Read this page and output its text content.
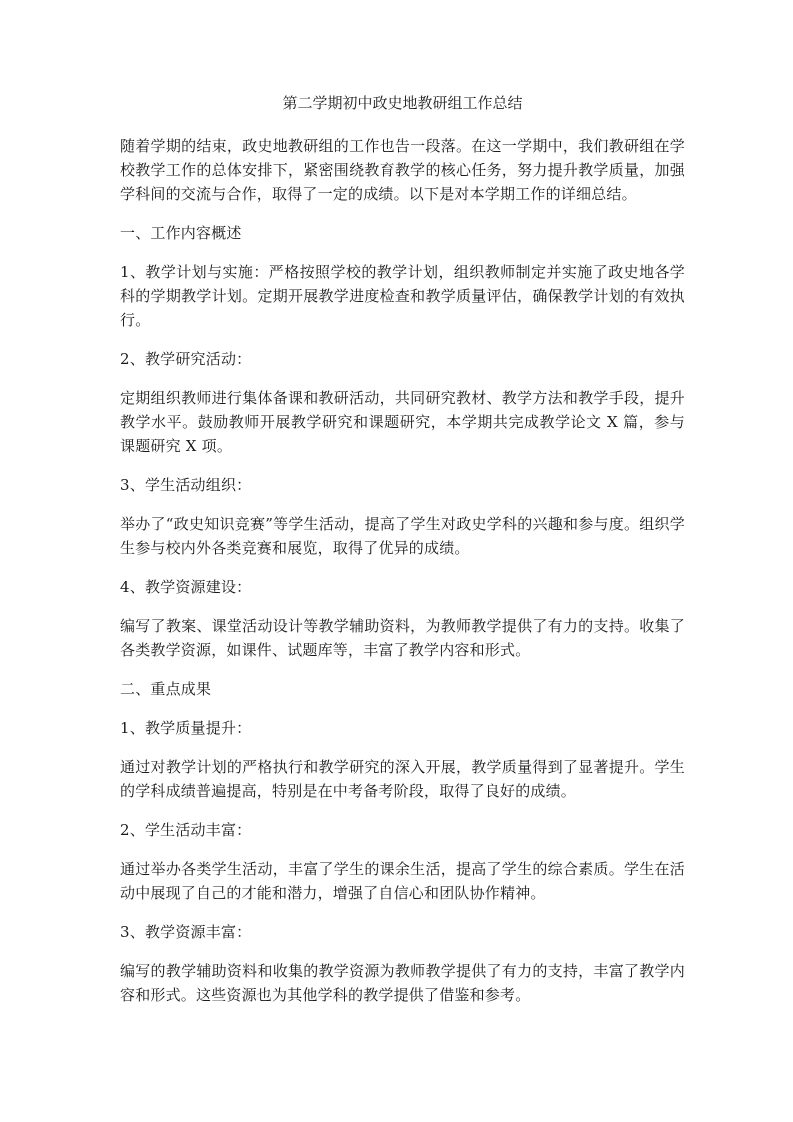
第二学期初中政史地教研组工作总结

随着学期的结束，政史地教研组的工作也告一段落。在这一学期中，我们教研组在学校教学工作的总体安排下，紧密围绕教育教学的核心任务，努力提升教学质量，加强学科间的交流与合作，取得了一定的成绩。以下是对本学期工作的详细总结。

一、工作内容概述

1、教学计划与实施：严格按照学校的教学计划，组织教师制定并实施了政史地各学科的学期教学计划。定期开展教学进度检查和教学质量评估，确保教学计划的有效执行。

2、教学研究活动：

定期组织教师进行集体备课和教研活动，共同研究教材、教学方法和教学手段，提升教学水平。鼓励教师开展教学研究和课题研究，本学期共完成教学论文 X 篇，参与课题研究 X 项。

3、学生活动组织：

举办了“政史知识竞赛”等学生活动，提高了学生对政史学科的兴趣和参与度。组织学生参与校内外各类竞赛和展览，取得了优异的成绩。

4、教学资源建设：

编写了教案、课堂活动设计等教学辅助资料，为教师教学提供了有力的支持。收集了各类教学资源，如课件、试题库等，丰富了教学内容和形式。

二、重点成果

1、教学质量提升：

通过对教学计划的严格执行和教学研究的深入开展，教学质量得到了显著提升。学生的学科成绩普遍提高，特别是在中考备考阶段，取得了良好的成绩。

2、学生活动丰富：

通过举办各类学生活动，丰富了学生的课余生活，提高了学生的综合素质。学生在活动中展现了自己的才能和潜力，增强了自信心和团队协作精神。

3、教学资源丰富：

编写的教学辅助资料和收集的教学资源为教师教学提供了有力的支持，丰富了教学内容和形式。这些资源也为其他学科的教学提供了借鉴和参考。
